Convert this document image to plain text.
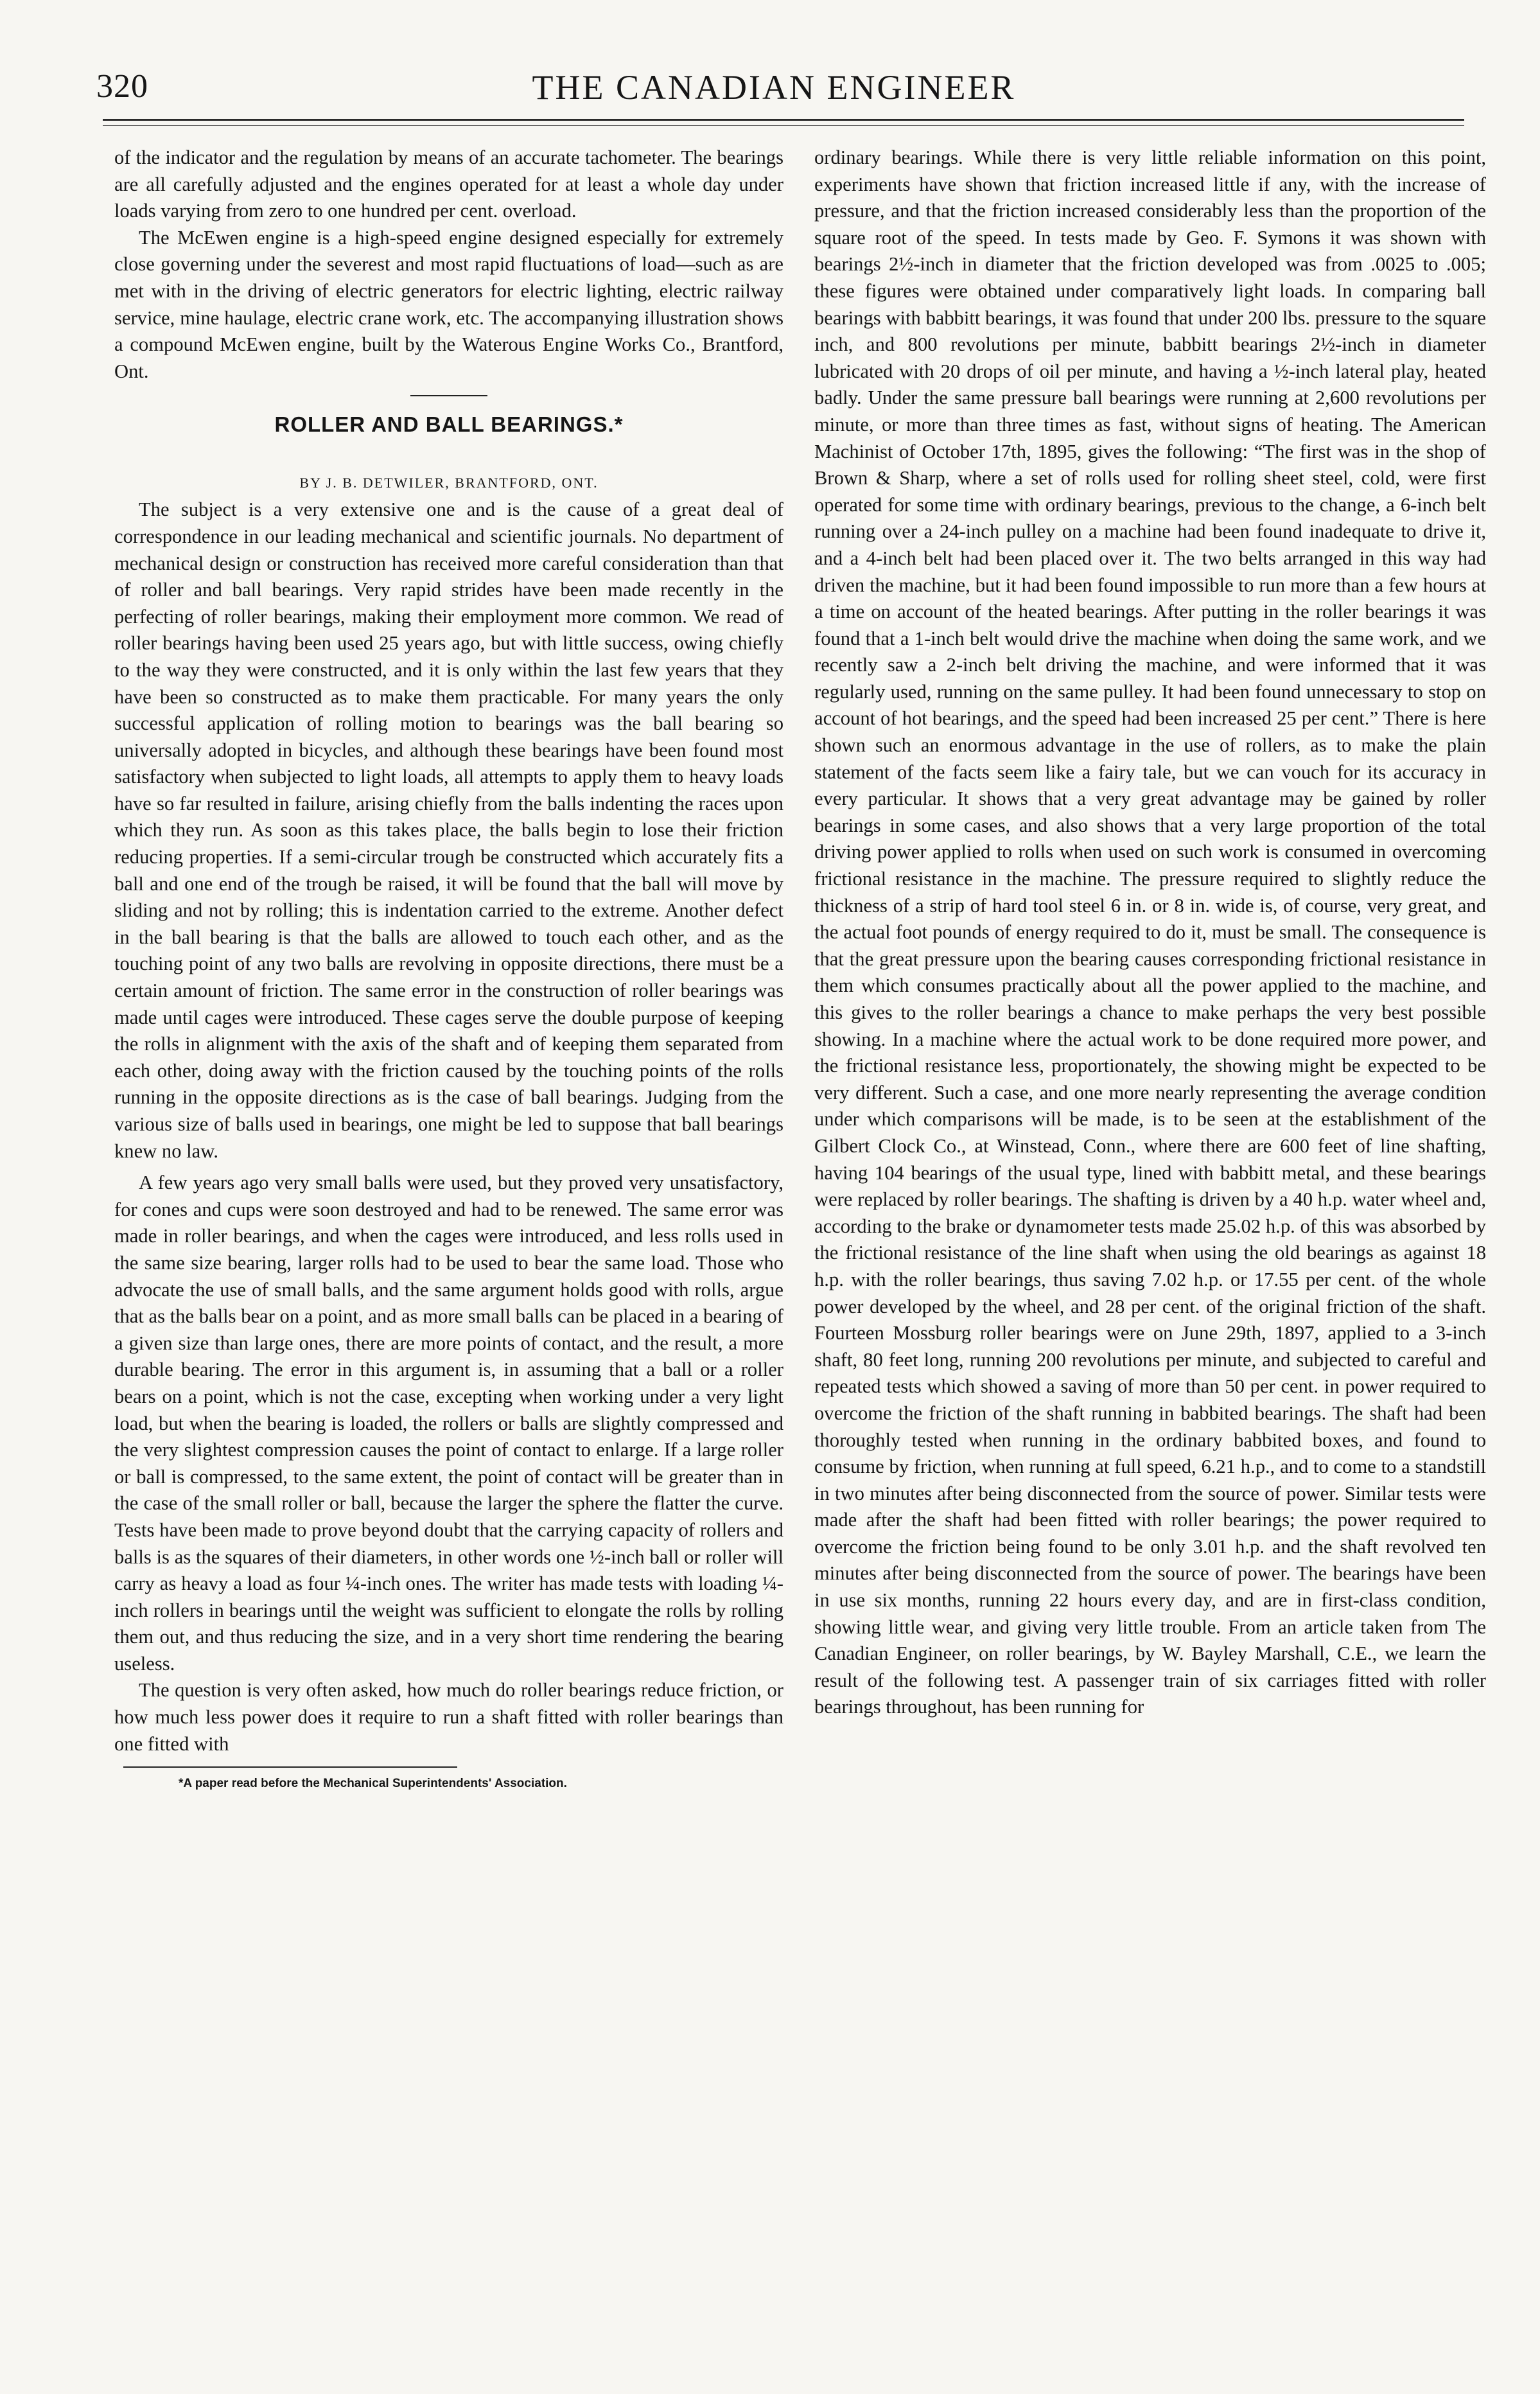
320	THE CANADIAN ENGINEER

of the indicator and the regulation by means of an accurate tachometer. The bearings are all carefully adjusted and the engines operated for at least a whole day under loads varying from zero to one hundred per cent. overload.

The McEwen engine is a high-speed engine designed especially for extremely close governing under the severest and most rapid fluctuations of load—such as are met with in the driving of electric generators for electric lighting, electric railway service, mine haulage, electric crane work, etc. The accompanying illustration shows a compound McEwen engine, built by the Waterous Engine Works Co., Brantford, Ont.

ROLLER AND BALL BEARINGS.*
BY J. B. DETWILER, BRANTFORD, ONT.

The subject is a very extensive one and is the cause of a great deal of correspondence in our leading mechanical and scientific journals. No department of mechanical design or construction has received more careful consideration than that of roller and ball bearings. Very rapid strides have been made recently in the perfecting of roller bearings, making their employment more common. We read of roller bearings having been used 25 years ago, but with little success, owing chiefly to the way they were constructed, and it is only within the last few years that they have been so constructed as to make them practicable. For many years the only successful application of rolling motion to bearings was the ball bearing so universally adopted in bicycles, and although these bearings have been found most satisfactory when subjected to light loads, all attempts to apply them to heavy loads have so far resulted in failure, arising chiefly from the balls indenting the races upon which they run. As soon as this takes place, the balls begin to lose their friction reducing properties. If a semi-circular trough be constructed which accurately fits a ball and one end of the trough be raised, it will be found that the ball will move by sliding and not by rolling; this is indentation carried to the extreme. Another defect in the ball bearing is that the balls are allowed to touch each other, and as the touching point of any two balls are revolving in opposite directions, there must be a certain amount of friction. The same error in the construction of roller bearings was made until cages were introduced. These cages serve the double purpose of keeping the rolls in alignment with the axis of the shaft and of keeping them separated from each other, doing away with the friction caused by the touching points of the rolls running in the opposite directions as is the case of ball bearings. Judging from the various size of balls used in bearings, one might be led to suppose that ball bearings knew no law.

A few years ago very small balls were used, but they proved very unsatisfactory, for cones and cups were soon destroyed and had to be renewed. The same error was made in roller bearings, and when the cages were introduced, and less rolls used in the same size bearing, larger rolls had to be used to bear the same load. Those who advocate the use of small balls, and the same argument holds good with rolls, argue that as the balls bear on a point, and as more small balls can be placed in a bearing of a given size than large ones, there are more points of contact, and the result, a more durable bearing. The error in this argument is, in assuming that a ball or a roller bears on a point, which is not the case, excepting when working under a very light load, but when the bearing is loaded, the rollers or balls are slightly compressed and the very slightest compression causes the point of contact to enlarge. If a large roller or ball is compressed, to the same extent, the point of contact will be greater than in the case of the small roller or ball, because the larger the sphere the flatter the curve. Tests have been made to prove beyond doubt that the carrying capacity of rollers and balls is as the squares of their diameters, in other words one ½-inch ball or roller will carry as heavy a load as four ¼-inch ones. The writer has made tests with loading ¼-inch rollers in bearings until the weight was sufficient to elongate the rolls by rolling them out, and thus reducing the size, and in a very short time rendering the bearing useless.

The question is very often asked, how much do roller bearings reduce friction, or how much less power does it require to run a shaft fitted with roller bearings than one fitted with

*A paper read before the Mechanical Superintendents' Association.

ordinary bearings. While there is very little reliable information on this point, experiments have shown that friction increased little if any, with the increase of pressure, and that the friction increased considerably less than the proportion of the square root of the speed. In tests made by Geo. F. Symons it was shown with bearings 2½-inch in diameter that the friction developed was from .0025 to .005; these figures were obtained under comparatively light loads. In comparing ball bearings with babbitt bearings, it was found that under 200 lbs. pressure to the square inch, and 800 revolutions per minute, babbitt bearings 2½-inch in diameter lubricated with 20 drops of oil per minute, and having a ½-inch lateral play, heated badly. Under the same pressure ball bearings were running at 2,600 revolutions per minute, or more than three times as fast, without signs of heating. The American Machinist of October 17th, 1895, gives the following: “The first was in the shop of Brown & Sharp, where a set of rolls used for rolling sheet steel, cold, were first operated for some time with ordinary bearings, previous to the change, a 6-inch belt running over a 24-inch pulley on a machine had been found inadequate to drive it, and a 4-inch belt had been placed over it. The two belts arranged in this way had driven the machine, but it had been found impossible to run more than a few hours at a time on account of the heated bearings. After putting in the roller bearings it was found that a 1-inch belt would drive the machine when doing the same work, and we recently saw a 2-inch belt driving the machine, and were informed that it was regularly used, running on the same pulley. It had been found unnecessary to stop on account of hot bearings, and the speed had been increased 25 per cent.” There is here shown such an enormous advantage in the use of rollers, as to make the plain statement of the facts seem like a fairy tale, but we can vouch for its accuracy in every particular. It shows that a very great advantage may be gained by roller bearings in some cases, and also shows that a very large proportion of the total driving power applied to rolls when used on such work is consumed in overcoming frictional resistance in the machine. The pressure required to slightly reduce the thickness of a strip of hard tool steel 6 in. or 8 in. wide is, of course, very great, and the actual foot pounds of energy required to do it, must be small. The consequence is that the great pressure upon the bearing causes corresponding frictional resistance in them which consumes practically about all the power applied to the machine, and this gives to the roller bearings a chance to make perhaps the very best possible showing. In a machine where the actual work to be done required more power, and the frictional resistance less, proportionately, the showing might be expected to be very different. Such a case, and one more nearly representing the average condition under which comparisons will be made, is to be seen at the establishment of the Gilbert Clock Co., at Winstead, Conn., where there are 600 feet of line shafting, having 104 bearings of the usual type, lined with babbitt metal, and these bearings were replaced by roller bearings. The shafting is driven by a 40 h.p. water wheel and, according to the brake or dynamometer tests made 25.02 h.p. of this was absorbed by the frictional resistance of the line shaft when using the old bearings as against 18 h.p. with the roller bearings, thus saving 7.02 h.p. or 17.55 per cent. of the whole power developed by the wheel, and 28 per cent. of the original friction of the shaft. Fourteen Mossburg roller bearings were on June 29th, 1897, applied to a 3-inch shaft, 80 feet long, running 200 revolutions per minute, and subjected to careful and repeated tests which showed a saving of more than 50 per cent. in power required to overcome the friction of the shaft running in babbited bearings. The shaft had been thoroughly tested when running in the ordinary babbited boxes, and found to consume by friction, when running at full speed, 6.21 h.p., and to come to a standstill in two minutes after being disconnected from the source of power. Similar tests were made after the shaft had been fitted with roller bearings; the power required to overcome the friction being found to be only 3.01 h.p. and the shaft revolved ten minutes after being disconnected from the source of power. The bearings have been in use six months, running 22 hours every day, and are in first-class condition, showing little wear, and giving very little trouble. From an article taken from The Canadian Engineer, on roller bearings, by W. Bayley Marshall, C.E., we learn the result of the following test. A passenger train of six carriages fitted with roller bearings throughout, has been running for
